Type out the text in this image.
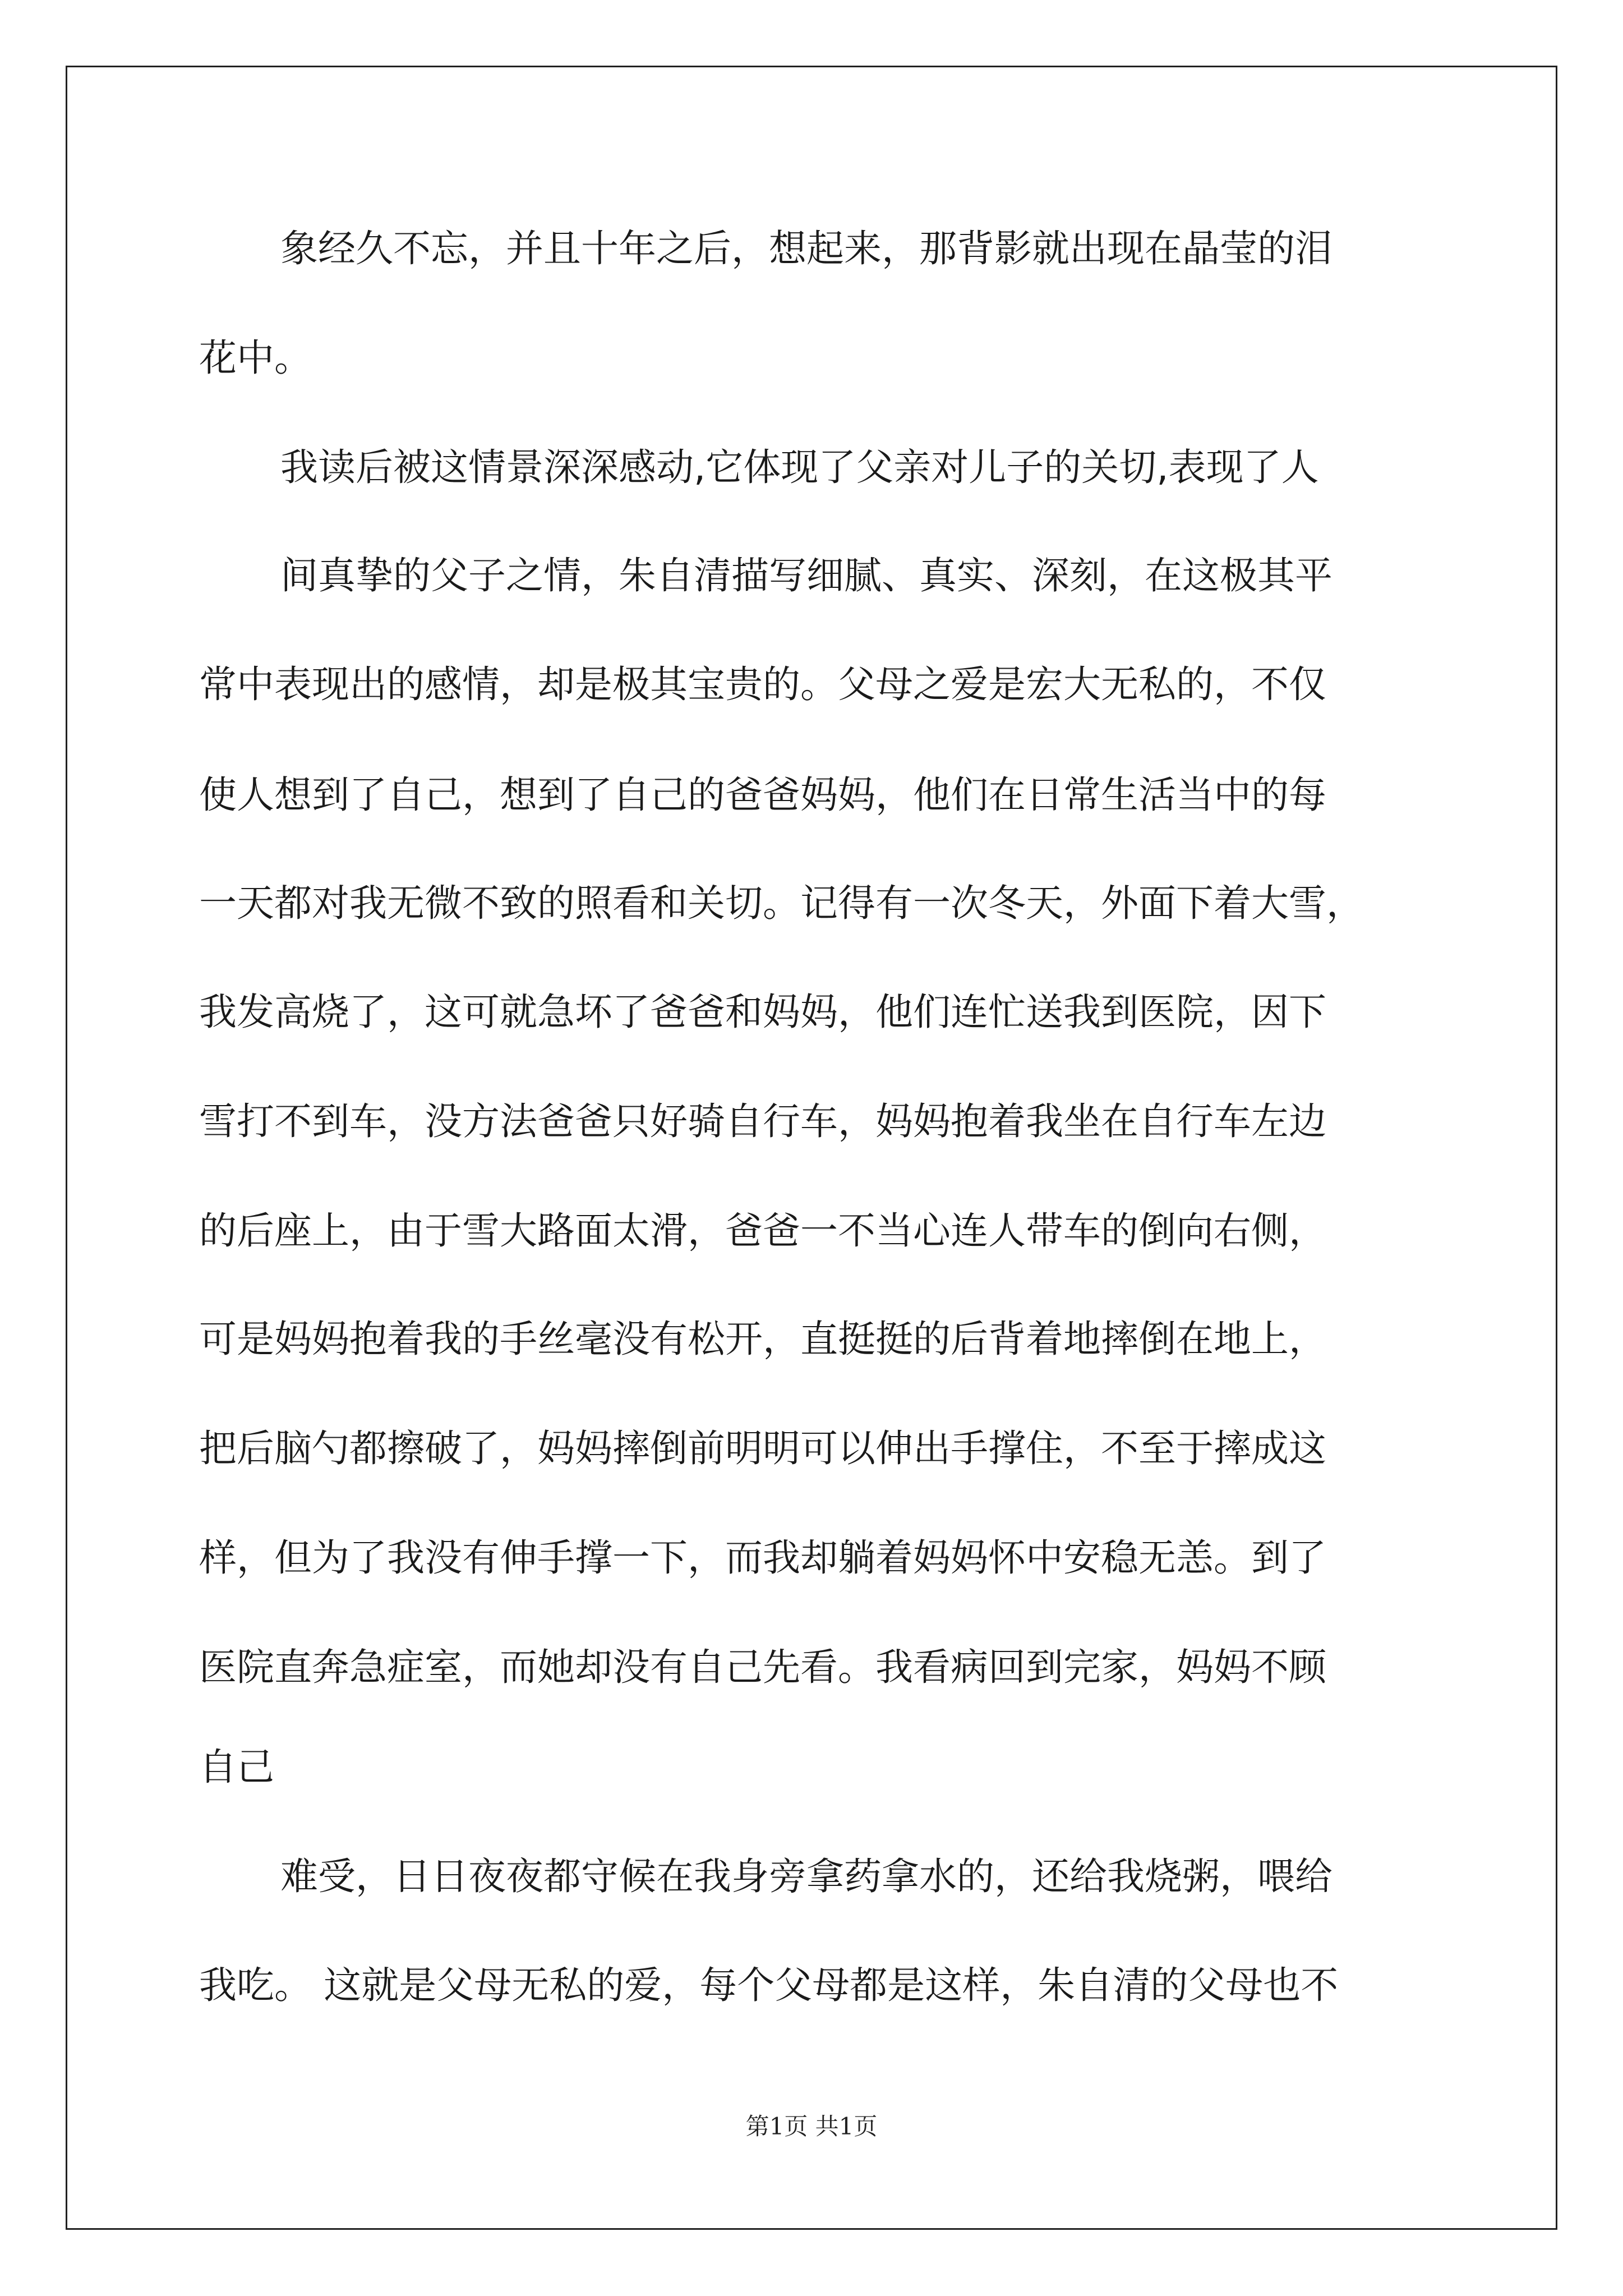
象经久不忘，并且十年之后，想起来，那背影就出现在晶莹的泪
花中。
我读后被这情景深深感动,它体现了父亲对儿子的关切,表现了人
间真挚的父子之情，朱自清描写细腻、真实、深刻，在这极其平
常中表现出的感情，却是极其宝贵的。父母之爱是宏大无私的，不仅
使人想到了自己，想到了自己的爸爸妈妈，他们在日常生活当中的每
一天都对我无微不致的照看和关切。记得有一次冬天，外面下着大雪，
我发高烧了，这可就急坏了爸爸和妈妈，他们连忙送我到医院，因下
雪打不到车，没方法爸爸只好骑自行车，妈妈抱着我坐在自行车左边
的后座上，由于雪大路面太滑，爸爸一不当心连人带车的倒向右侧，
可是妈妈抱着我的手丝毫没有松开，直挺挺的后背着地摔倒在地上，
把后脑勺都擦破了，妈妈摔倒前明明可以伸出手撑住，不至于摔成这
样，但为了我没有伸手撑一下，而我却躺着妈妈怀中安稳无恙。到了
医院直奔急症室，而她却没有自己先看。我看病回到完家，妈妈不顾
自己
难受，日日夜夜都守候在我身旁拿药拿水的，还给我烧粥，喂给
我吃。 这就是父母无私的爱，每个父母都是这样，朱自清的父母也不
第1页 共1页
